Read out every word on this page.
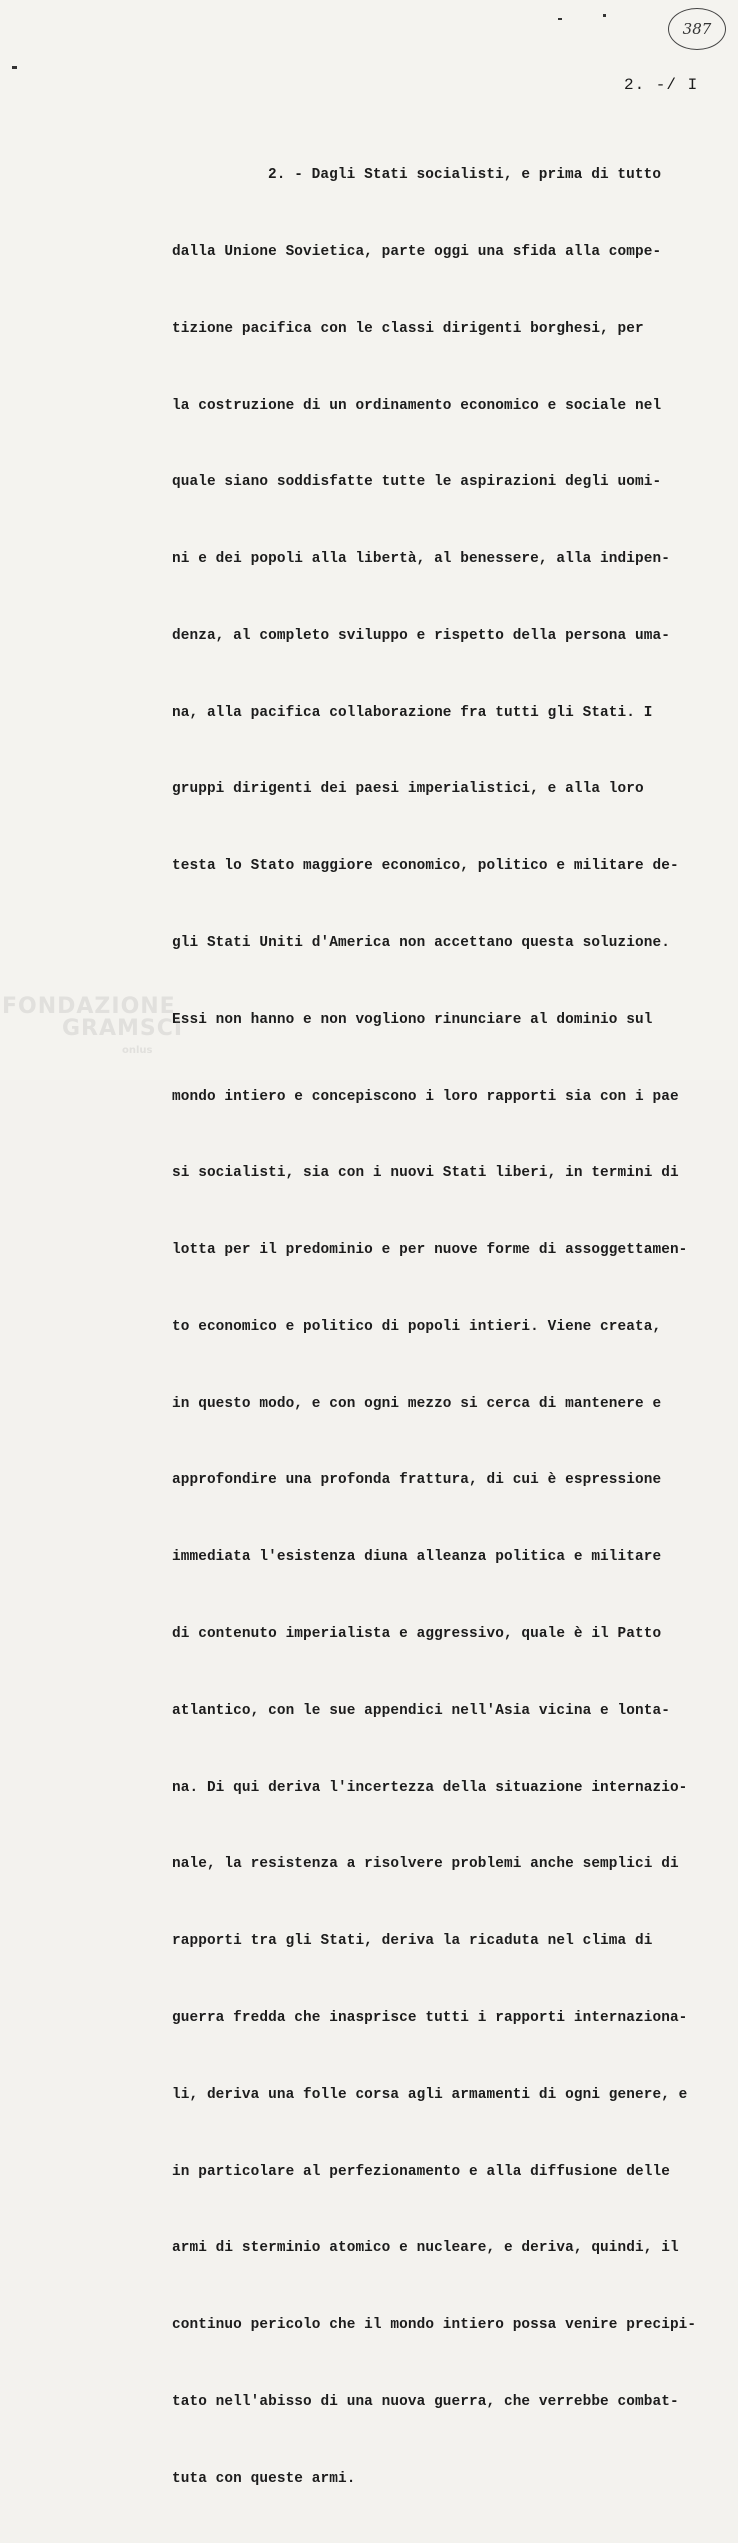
387
2. -/ I

2. - Dagli Stati socialisti, e prima di tutto

dalla Unione Sovietica, parte oggi una sfida alla compe-

tizione pacifica con le classi dirigenti borghesi, per

la costruzione di un ordinamento economico e sociale nel

quale siano soddisfatte tutte le aspirazioni degli uomi-

ni e dei popoli alla libertà, al benessere, alla indipen-

denza, al completo sviluppo e rispetto della persona uma-

na, alla pacifica collaborazione fra tutti gli Stati. I

gruppi dirigenti dei paesi imperialistici, e alla loro

testa lo Stato maggiore economico, politico e militare de-

gli Stati Uniti d'America non accettano questa soluzione.

Essi non hanno e non vogliono rinunciare al dominio sul

mondo intiero e concepiscono i loro rapporti sia con i pae

si socialisti, sia con i nuovi Stati liberi, in termini di

lotta per il predominio e per nuove forme di assoggettamen-

to economico e politico di popoli intieri. Viene creata,

in questo modo, e con ogni mezzo si cerca di mantenere e

approfondire una profonda frattura, di cui è espressione

immediata l'esistenza diuna alleanza politica e militare

di contenuto imperialista e aggressivo, quale è il Patto

atlantico, con le sue appendici nell'Asia vicina e lonta-

na. Di qui deriva l'incertezza della situazione internazio-

nale, la resistenza a risolvere problemi anche semplici di

rapporti tra gli Stati, deriva la ricaduta nel clima di

guerra fredda che inasprisce tutti i rapporti internaziona-

li, deriva una folle corsa agli armamenti di ogni genere, e

in particolare al perfezionamento e alla diffusione delle

armi di sterminio atomico e nucleare, e deriva, quindi, il

continuo pericolo che il mondo intiero possa venire precipi-

tato nell'abisso di una nuova guerra, che verrebbe combat-

tuta con queste armi.

FONDAZIONE
GRAMSCI
onlus
